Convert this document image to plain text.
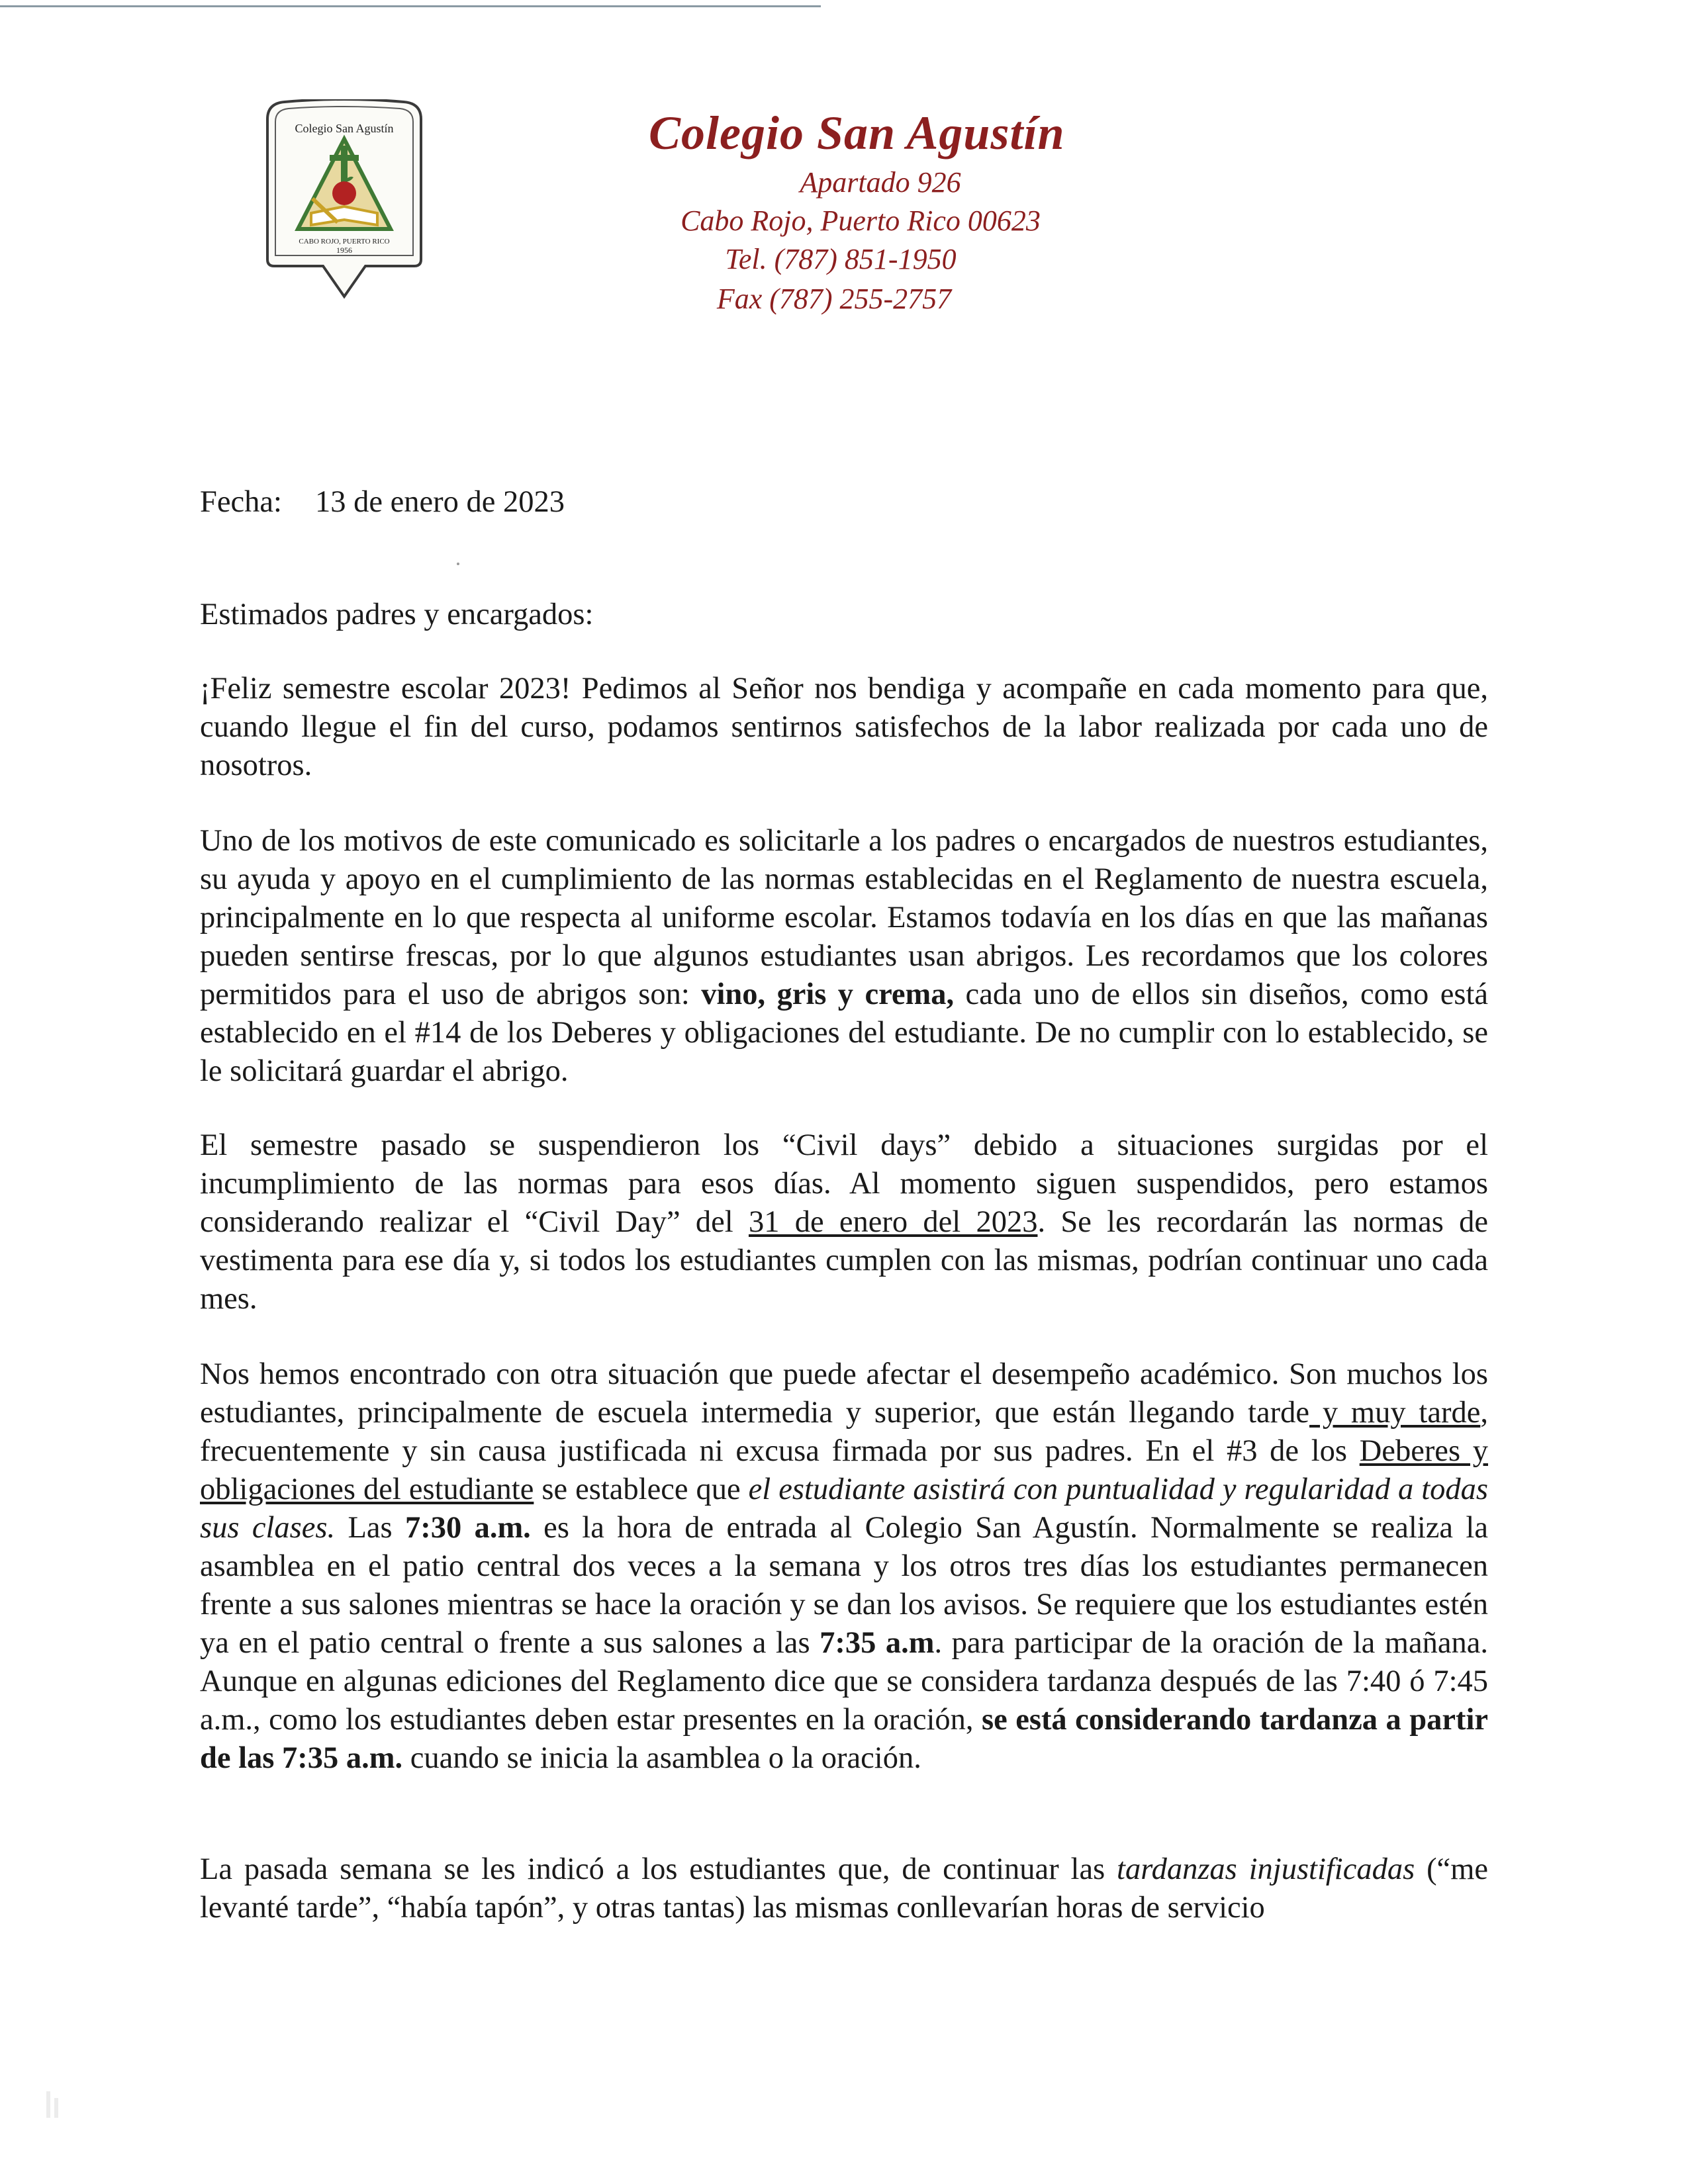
Colegio San Agustín
CABO ROJO, PUERTO RICO
1956
Colegio San Agustín
Apartado 926
Cabo Rojo, Puerto Rico 00623
Tel. (787) 851-1950
Fax (787) 255-2757
Fecha: 13 de enero de 2023
Estimados padres y encargados:

¡Feliz semestre escolar 2023! Pedimos al Señor nos bendiga y acompañe en cada momento para que, cuando llegue el fin del curso, podamos sentirnos satisfechos de la labor realizada por cada uno de nosotros.

Uno de los motivos de este comunicado es solicitarle a los padres o encargados de nuestros estudiantes, su ayuda y apoyo en el cumplimiento de las normas establecidas en el Reglamento de nuestra escuela, principalmente en lo que respecta al uniforme escolar. Estamos todavía en los días en que las mañanas pueden sentirse frescas, por lo que algunos estudiantes usan abrigos. Les recordamos que los colores permitidos para el uso de abrigos son: vino, gris y crema, cada uno de ellos sin diseños, como está establecido en el #14 de los Deberes y obligaciones del estudiante. De no cumplir con lo establecido, se le solicitará guardar el abrigo.

El semestre pasado se suspendieron los “Civil days” debido a situaciones surgidas por el incumplimiento de las normas para esos días. Al momento siguen suspendidos, pero estamos considerando realizar el “Civil Day” del 31 de enero del 2023. Se les recordarán las normas de vestimenta para ese día y, si todos los estudiantes cumplen con las mismas, podrían continuar uno cada mes.

Nos hemos encontrado con otra situación que puede afectar el desempeño académico. Son muchos los estudiantes, principalmente de escuela intermedia y superior, que están llegando tarde y muy tarde, frecuentemente y sin causa justificada ni excusa firmada por sus padres. En el #3 de los Deberes y obligaciones del estudiante se establece que el estudiante asistirá con puntualidad y regularidad a todas sus clases. Las 7:30 a.m. es la hora de entrada al Colegio San Agustín. Normalmente se realiza la asamblea en el patio central dos veces a la semana y los otros tres días los estudiantes permanecen frente a sus salones mientras se hace la oración y se dan los avisos. Se requiere que los estudiantes estén ya en el patio central o frente a sus salones a las 7:35 a.m. para participar de la oración de la mañana. Aunque en algunas ediciones del Reglamento dice que se considera tardanza después de las 7:40 ó 7:45 a.m., como los estudiantes deben estar presentes en la oración, se está considerando tardanza a partir de las 7:35 a.m. cuando se inicia la asamblea o la oración.

La pasada semana se les indicó a los estudiantes que, de continuar las tardanzas injustificadas (“me levanté tarde”, “había tapón”, y otras tantas) las mismas conllevarían horas de servicio
